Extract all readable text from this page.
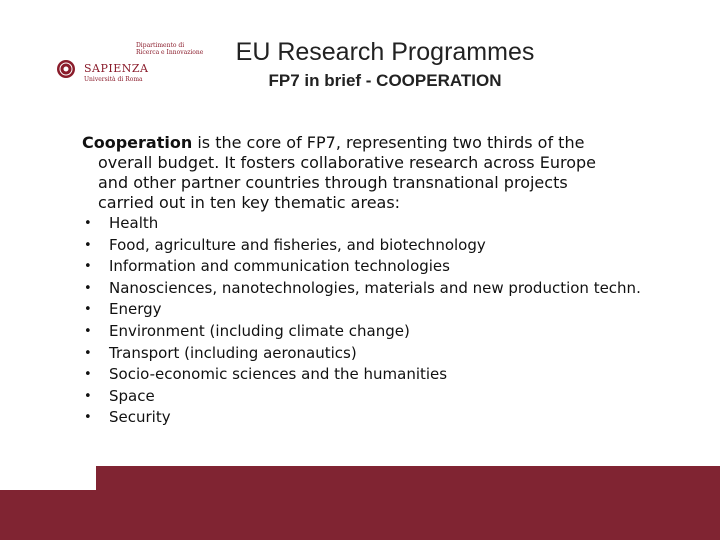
Dipartimento di
Ricerca e Innovazione
SAPIENZA
Università di Roma
EU Research Programmes
FP7 in brief - COOPERATION
Cooperation is the core of FP7, representing two thirds of the
overall budget. It fosters collaborative research across Europe
and other partner countries through transnational projects
carried out in ten key thematic areas:
• Health
• Food, agriculture and fisheries, and biotechnology
• Information and communication technologies
• Nanosciences, nanotechnologies, materials and new production techn.
• Energy
• Environment (including climate change)
• Transport (including aeronautics)
• Socio-economic sciences and the humanities
• Space
• Security
